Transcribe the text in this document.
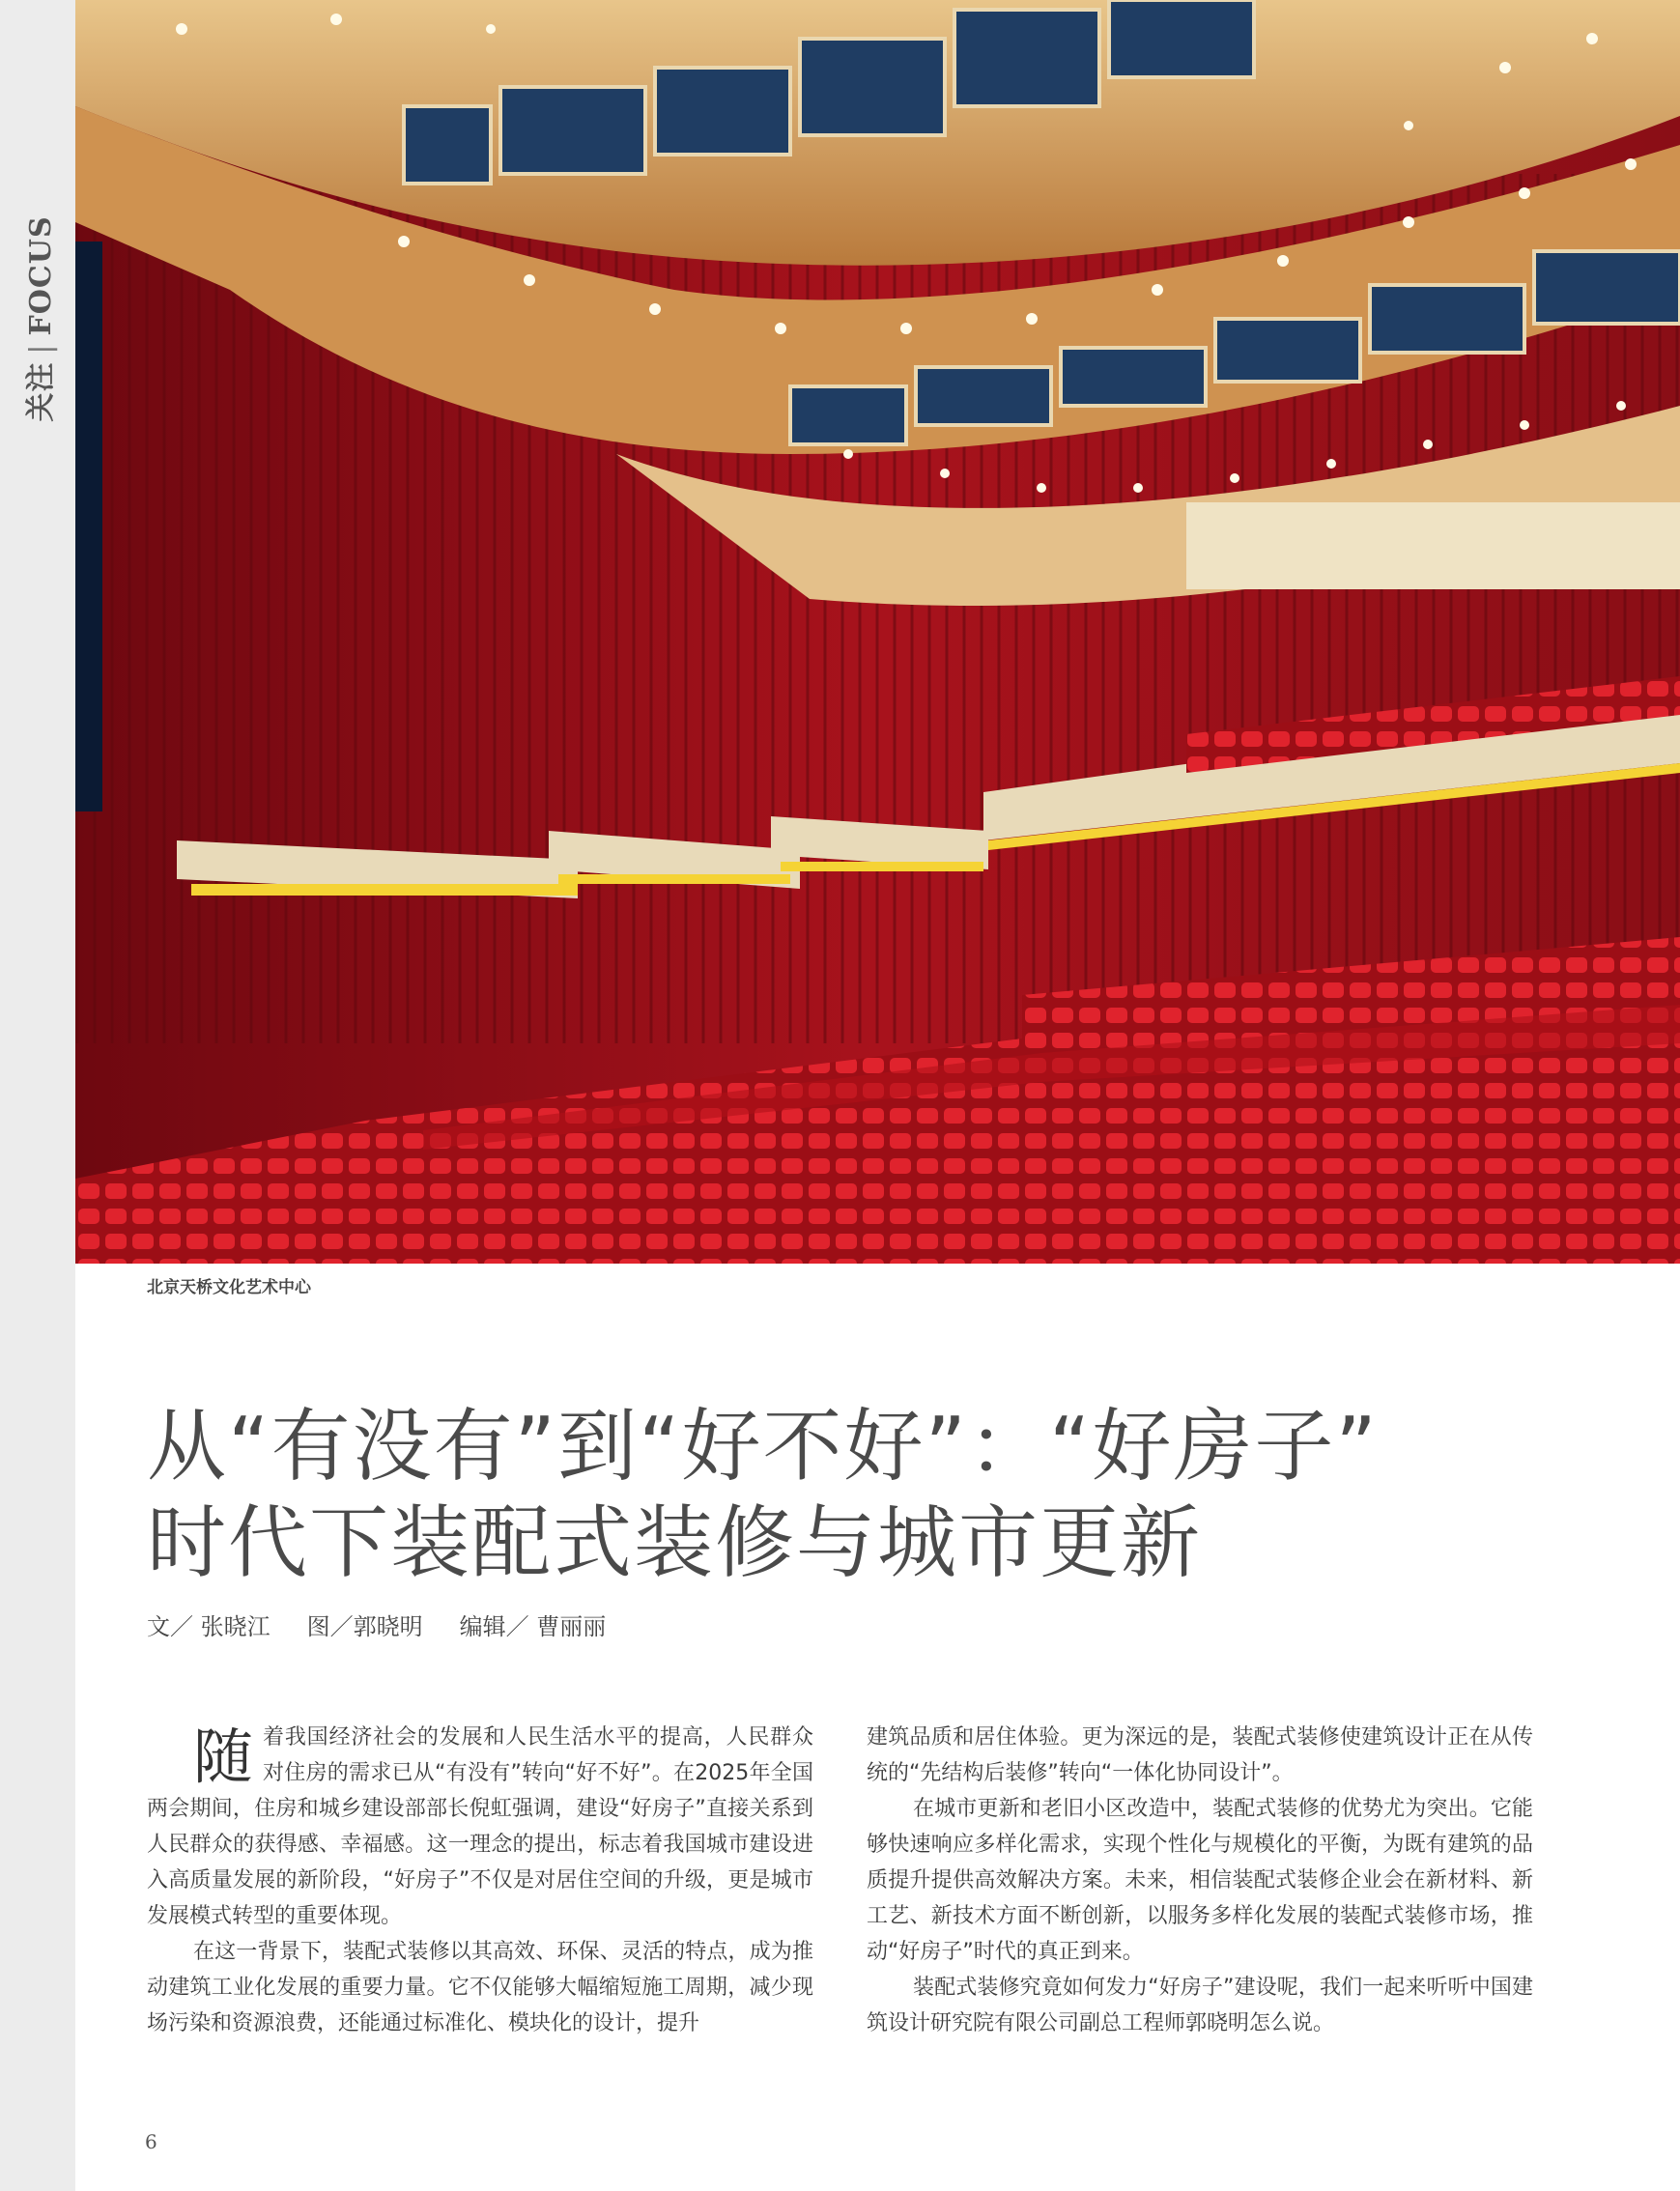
关注|FOCUS
北京天桥文化艺术中心
从“有没有”到“好不好”：“好房子”
时代下装配式装修与城市更新
文／ 张晓江 图／郭晓明 编辑／ 曹丽丽

随着我国经济社会的发展和人民生活水平的提高，人民群众对住房的需求已从“有没有”转向“好不好”。在2025年全国两会期间，住房和城乡建设部部长倪虹强调，建设“好房子”直接关系到人民群众的获得感、幸福感。这一理念的提出，标志着我国城市建设进入高质量发展的新阶段，“好房子”不仅是对居住空间的升级，更是城市发展模式转型的重要体现。

在这一背景下，装配式装修以其高效、环保、灵活的特点，成为推动建筑工业化发展的重要力量。它不仅能够大幅缩短施工周期，减少现场污染和资源浪费，还能通过标准化、模块化的设计，提升

建筑品质和居住体验。更为深远的是，装配式装修使建筑设计正在从传统的“先结构后装修”转向“一体化协同设计”。

在城市更新和老旧小区改造中，装配式装修的优势尤为突出。它能够快速响应多样化需求，实现个性化与规模化的平衡，为既有建筑的品质提升提供高效解决方案。未来，相信装配式装修企业会在新材料、新工艺、新技术方面不断创新，以服务多样化发展的装配式装修市场，推动“好房子”时代的真正到来。

装配式装修究竟如何发力“好房子”建设呢，我们一起来听听中国建筑设计研究院有限公司副总工程师郭晓明怎么说。

6
